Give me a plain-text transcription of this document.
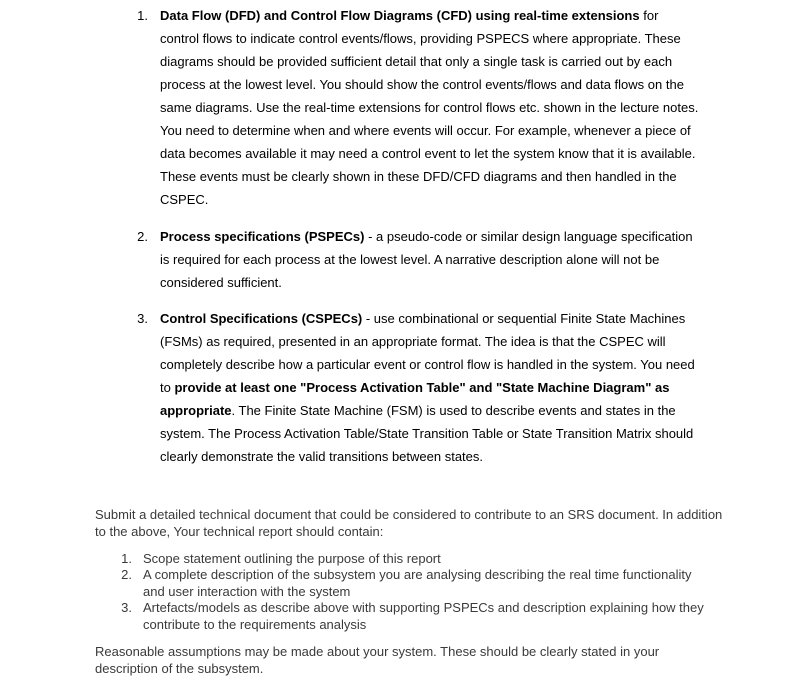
1. Data Flow (DFD) and Control Flow Diagrams (CFD) using real-time extensions for control flows to indicate control events/flows, providing PSPECS where appropriate. These diagrams should be provided sufficient detail that only a single task is carried out by each process at the lowest level. You should show the control events/flows and data flows on the same diagrams. Use the real-time extensions for control flows etc. shown in the lecture notes. You need to determine when and where events will occur. For example, whenever a piece of data becomes available it may need a control event to let the system know that it is available. These events must be clearly shown in these DFD/CFD diagrams and then handled in the CSPEC.

2. Process specifications (PSPECs) - a pseudo-code or similar design language specification is required for each process at the lowest level. A narrative description alone will not be considered sufficient.

3. Control Specifications (CSPECs) - use combinational or sequential Finite State Machines (FSMs) as required, presented in an appropriate format. The idea is that the CSPEC will completely describe how a particular event or control flow is handled in the system. You need to provide at least one "Process Activation Table" and "State Machine Diagram" as appropriate. The Finite State Machine (FSM) is used to describe events and states in the system. The Process Activation Table/State Transition Table or State Transition Matrix should clearly demonstrate the valid transitions between states.

Submit a detailed technical document that could be considered to contribute to an SRS document. In addition to the above, Your technical report should contain:

1. Scope statement outlining the purpose of this report

2. A complete description of the subsystem you are analysing describing the real time functionality and user interaction with the system

3. Artefacts/models as describe above with supporting PSPECs and description explaining how they contribute to the requirements analysis

Reasonable assumptions may be made about your system. These should be clearly stated in your description of the subsystem.
